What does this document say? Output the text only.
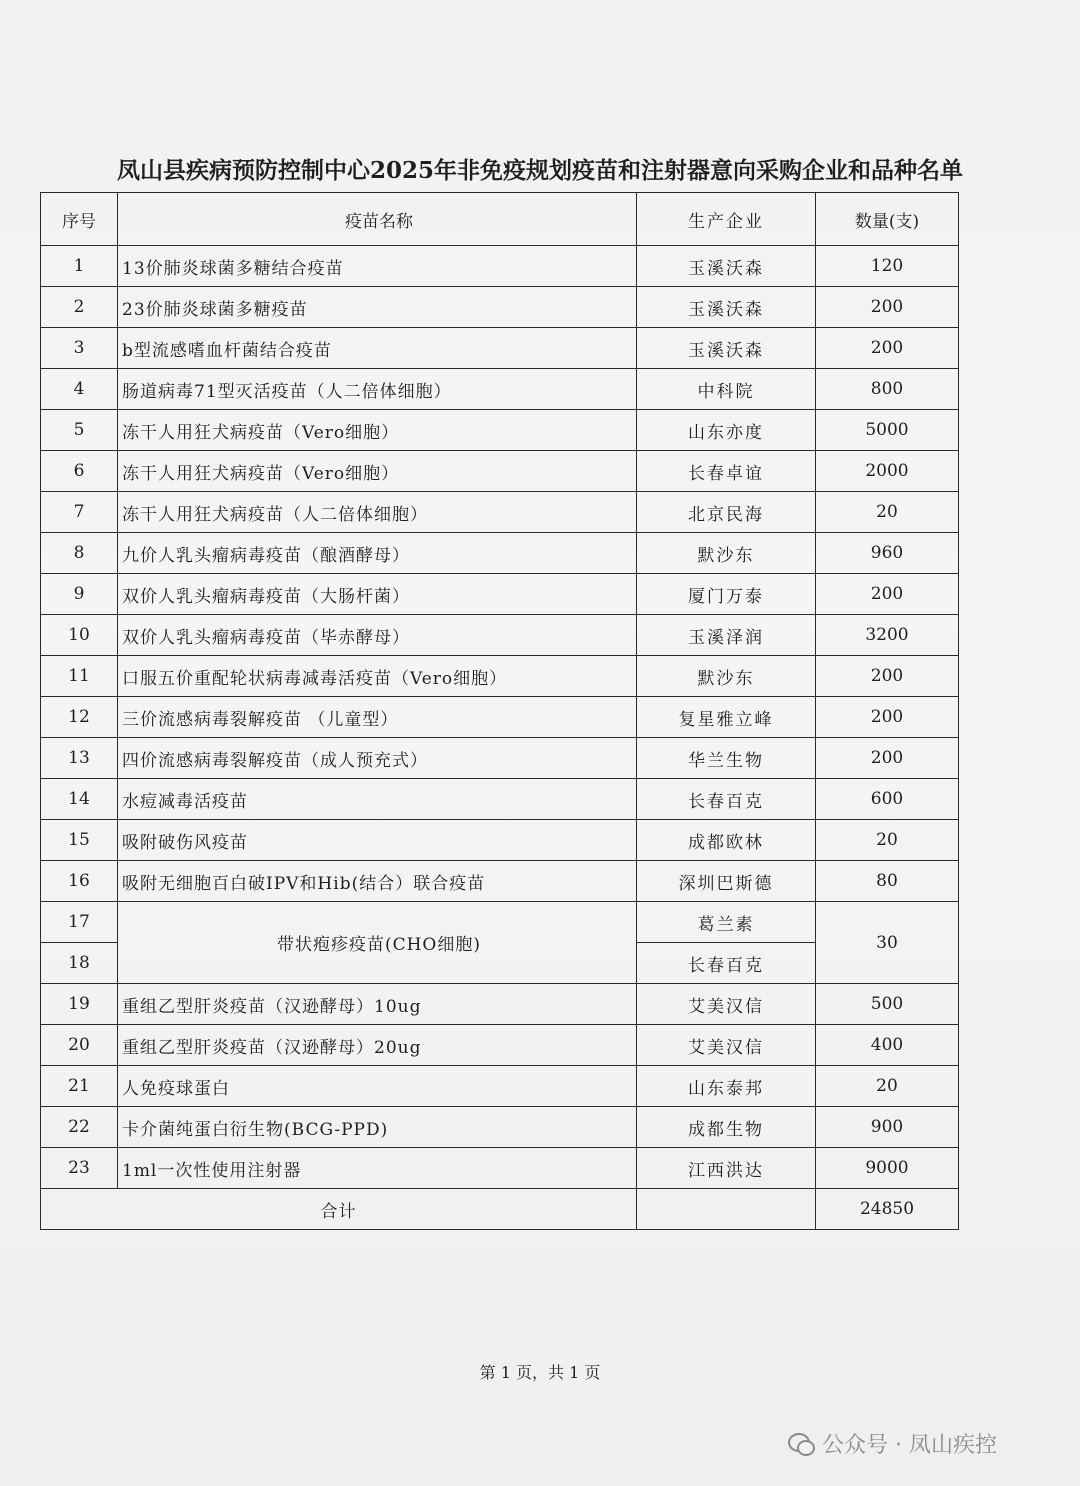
凤山县疾病预防控制中心2025年非免疫规划疫苗和注射器意向采购企业和品种名单
序号	疫苗名称	生产企业	数量(支)
1	13价肺炎球菌多糖结合疫苗	玉溪沃森	120
2	23价肺炎球菌多糖疫苗	玉溪沃森	200
3	b型流感嗜血杆菌结合疫苗	玉溪沃森	200
4	肠道病毒71型灭活疫苗（人二倍体细胞）	中科院	800
5	冻干人用狂犬病疫苗（Vero细胞）	山东亦度	5000
6	冻干人用狂犬病疫苗（Vero细胞）	长春卓谊	2000
7	冻干人用狂犬病疫苗（人二倍体细胞）	北京民海	20
8	九价人乳头瘤病毒疫苗（酿酒酵母）	默沙东	960
9	双价人乳头瘤病毒疫苗（大肠杆菌）	厦门万泰	200
10	双价人乳头瘤病毒疫苗（毕赤酵母）	玉溪泽润	3200
11	口服五价重配轮状病毒减毒活疫苗（Vero细胞）	默沙东	200
12	三价流感病毒裂解疫苗 （儿童型）	复星雅立峰	200
13	四价流感病毒裂解疫苗（成人预充式）	华兰生物	200
14	水痘减毒活疫苗	长春百克	600
15	吸附破伤风疫苗	成都欧林	20
16	吸附无细胞百白破IPV和Hib(结合）联合疫苗	深圳巴斯德	80
17	带状疱疹疫苗(CHO细胞)	葛兰素	30
18		长春百克	
19	重组乙型肝炎疫苗（汉逊酵母）10ug	艾美汉信	500
20	重组乙型肝炎疫苗（汉逊酵母）20ug	艾美汉信	400
21	人免疫球蛋白	山东泰邦	20
22	卡介菌纯蛋白衍生物(BCG-PPD)	成都生物	900
23	1ml一次性使用注射器	江西洪达	9000
合计			24850
第 1 页，共 1 页
公众号 · 凤山疾控
